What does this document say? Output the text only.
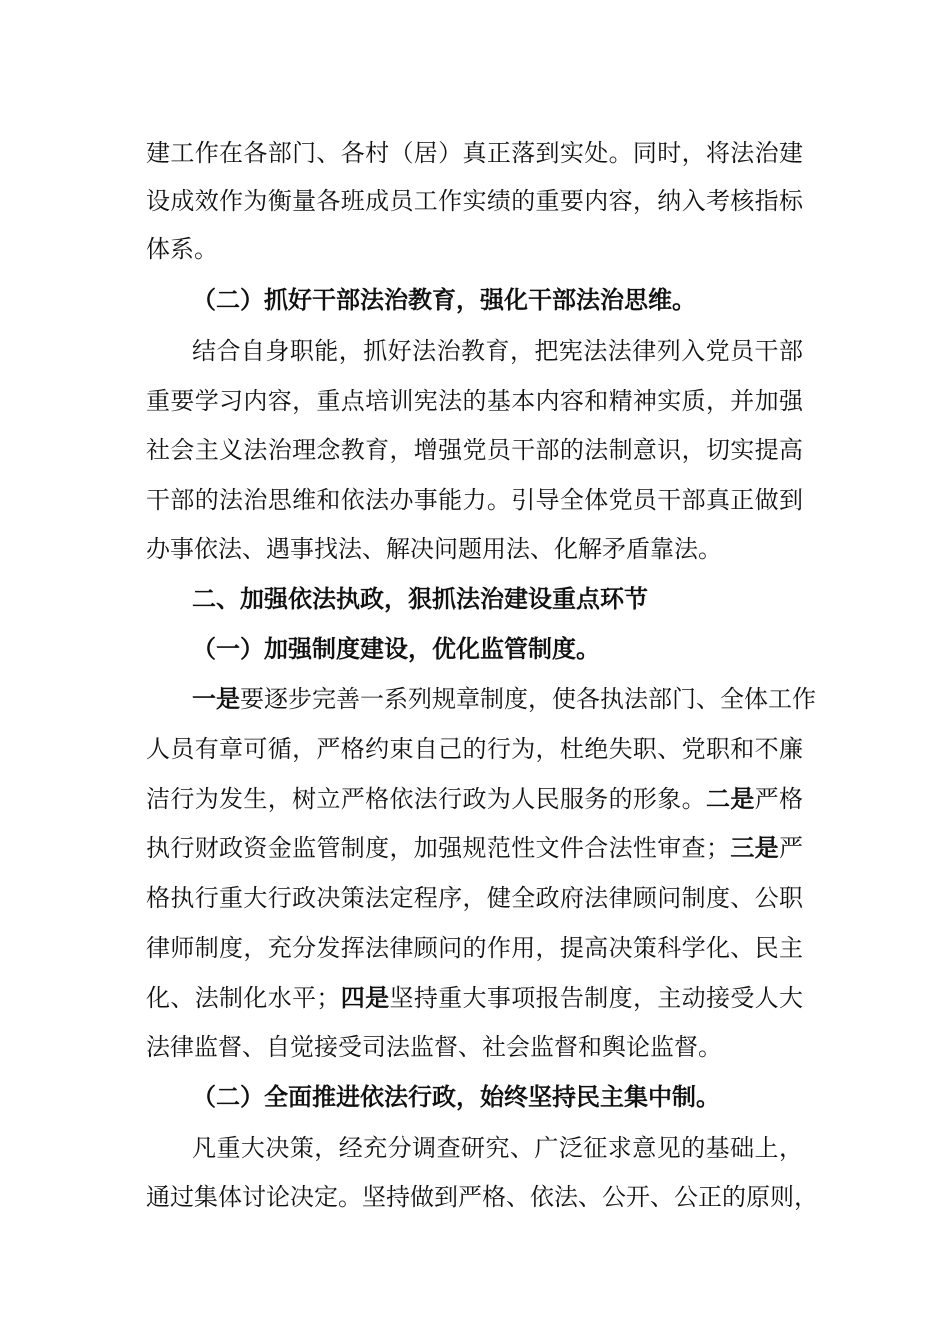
建工作在各部门、各村（居）真正落到实处。同时，将法治建
设成效作为衡量各班成员工作实绩的重要内容，纳入考核指标
体系。
（二）抓好干部法治教育，强化干部法治思维。
结合自身职能，抓好法治教育，把宪法法律列入党员干部
重要学习内容，重点培训宪法的基本内容和精神实质，并加强
社会主义法治理念教育，增强党员干部的法制意识，切实提高
干部的法治思维和依法办事能力。引导全体党员干部真正做到
办事依法、遇事找法、解决问题用法、化解矛盾靠法。
二、加强依法执政，狠抓法治建设重点环节
（一）加强制度建设，优化监管制度。
一是要逐步完善一系列规章制度，使各执法部门、全体工作
人员有章可循，严格约束自己的行为，杜绝失职、党职和不廉
洁行为发生，树立严格依法行政为人民服务的形象。二是严格
执行财政资金监管制度，加强规范性文件合法性审查；三是严
格执行重大行政决策法定程序，健全政府法律顾问制度、公职
律师制度，充分发挥法律顾问的作用，提高决策科学化、民主
化、法制化水平；四是坚持重大事项报告制度，主动接受人大
法律监督、自觉接受司法监督、社会监督和舆论监督。
（二）全面推进依法行政，始终坚持民主集中制。
凡重大决策，经充分调查研究、广泛征求意见的基础上，
通过集体讨论决定。坚持做到严格、依法、公开、公正的原则，
